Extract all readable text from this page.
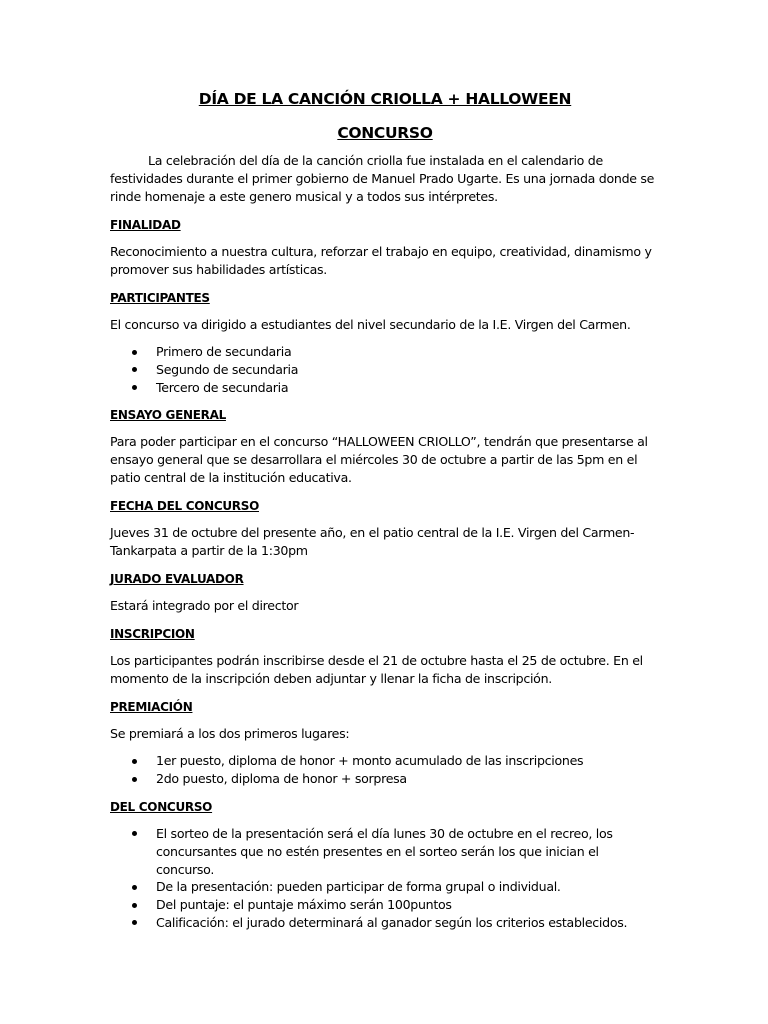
DÍA DE LA CANCIÓN CRIOLLA + HALLOWEEN
CONCURSO

La celebración del día de la canción criolla fue instalada en el calendario de festividades durante el primer gobierno de Manuel Prado Ugarte. Es una jornada donde se rinde homenaje a este genero musical y a todos sus intérpretes.

FINALIDAD

Reconocimiento a nuestra cultura, reforzar el trabajo en equipo, creatividad, dinamismo y promover sus habilidades artísticas.

PARTICIPANTES

El concurso va dirigido a estudiantes del nivel secundario de la I.E. Virgen del Carmen.

Primero de secundaria
Segundo de secundaria
Tercero de secundaria
ENSAYO GENERAL

Para poder participar en el concurso “HALLOWEEN CRIOLLO”, tendrán que presentarse al ensayo general que se desarrollara el miércoles 30 de octubre a partir de las 5pm en el patio central de la institución educativa.

FECHA DEL CONCURSO

Jueves 31 de octubre del presente año, en el patio central de la I.E. Virgen del Carmen-Tankarpata a partir de la 1:30pm

JURADO EVALUADOR

Estará integrado por el director

INSCRIPCION

Los participantes podrán inscribirse desde el 21 de octubre hasta el 25 de octubre. En el momento de la inscripción deben adjuntar y llenar la ficha de inscripción.

PREMIACIÓN

Se premiará a los dos primeros lugares:

1er puesto, diploma de honor + monto acumulado de las inscripciones
2do puesto, diploma de honor + sorpresa
DEL CONCURSO
El sorteo de la presentación será el día lunes 30 de octubre en el recreo, los concursantes que no estén presentes en el sorteo serán los que inician el concurso.
De la presentación: pueden participar de forma grupal o individual.
Del puntaje: el puntaje máximo serán 100puntos
Calificación: el jurado determinará al ganador según los criterios establecidos.
